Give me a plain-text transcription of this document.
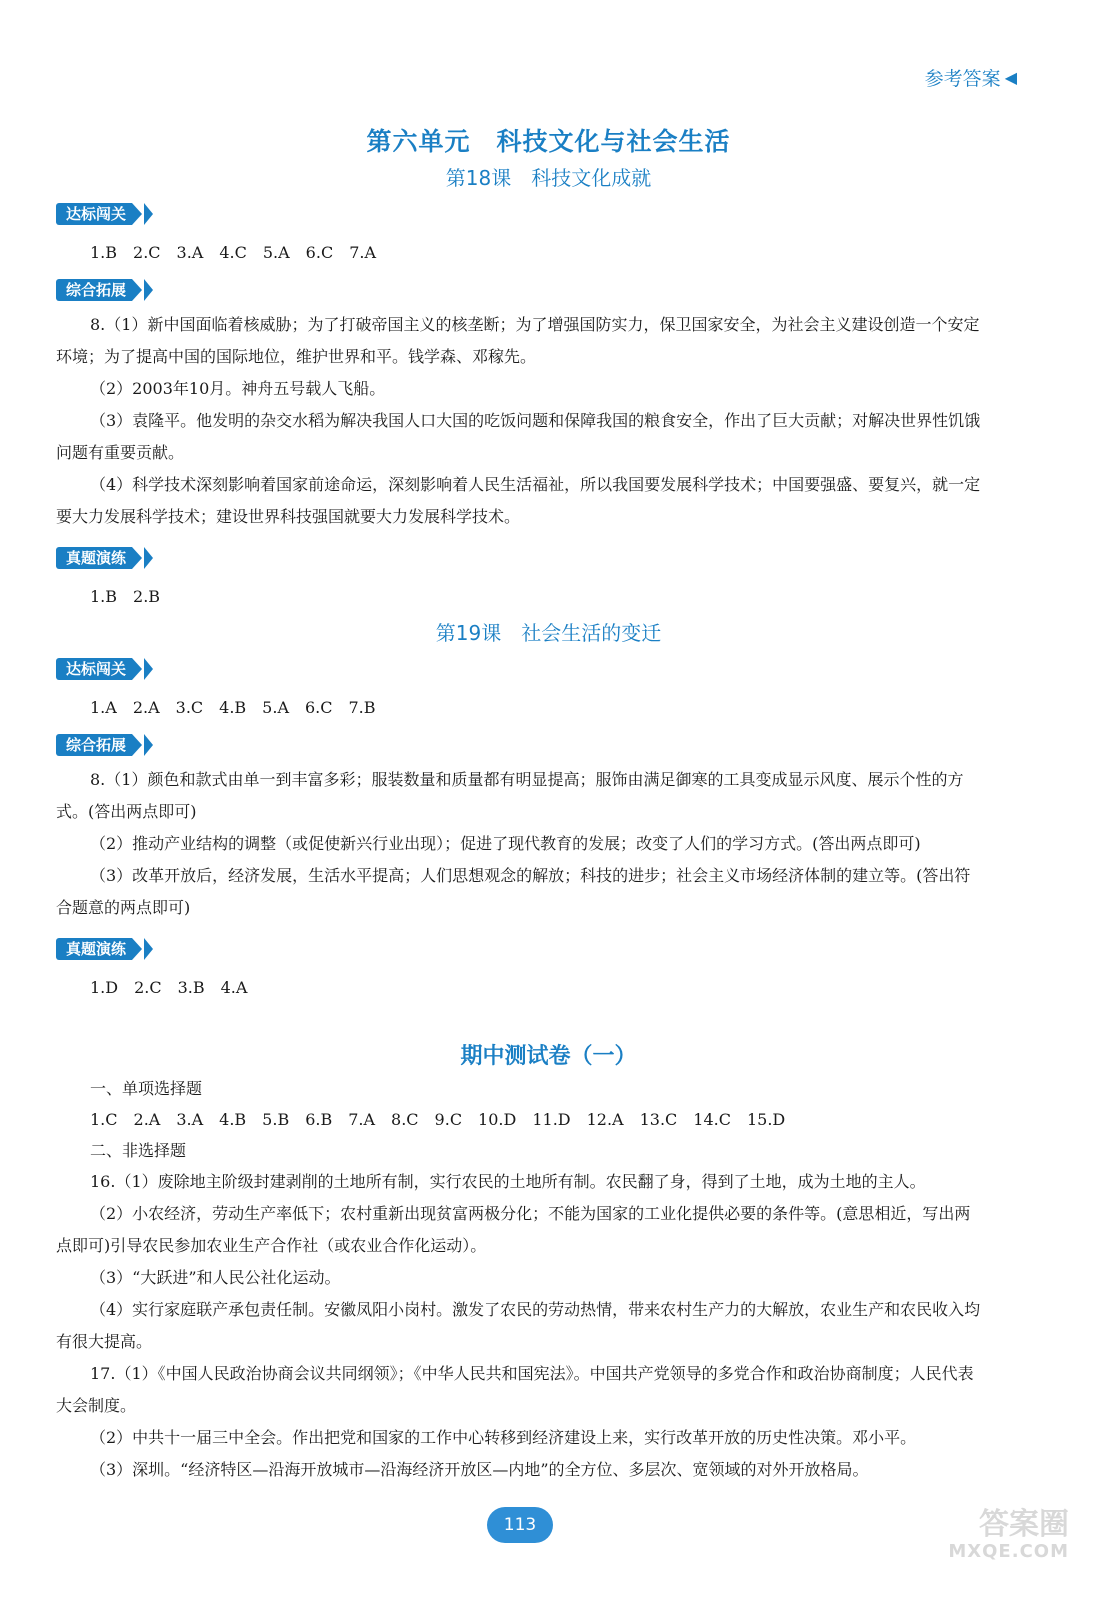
参考答案 ◀
第六单元　科技文化与社会生活
第18课　科技文化成就
达标闯关
1.B　2.C　3.A　4.C　5.A　6.C　7.A
综合拓展

8.（1）新中国面临着核威胁；为了打破帝国主义的核垄断；为了增强国防实力，保卫国家安全，为社会主义建设创造一个安定环境；为了提高中国的国际地位，维护世界和平。钱学森、邓稼先。

（2）2003年10月。神舟五号载人飞船。

（3）袁隆平。他发明的杂交水稻为解决我国人口大国的吃饭问题和保障我国的粮食安全，作出了巨大贡献；对解决世界性饥饿问题有重要贡献。

（4）科学技术深刻影响着国家前途命运，深刻影响着人民生活福祉，所以我国要发展科学技术；中国要强盛、要复兴，就一定要大力发展科学技术；建设世界科技强国就要大力发展科学技术。

真题演练
1.B　2.B
第19课　社会生活的变迁
达标闯关
1.A　2.A　3.C　4.B　5.A　6.C　7.B
综合拓展

8.（1）颜色和款式由单一到丰富多彩；服装数量和质量都有明显提高；服饰由满足御寒的工具变成显示风度、展示个性的方式。(答出两点即可)

（2）推动产业结构的调整（或促使新兴行业出现）；促进了现代教育的发展；改变了人们的学习方式。(答出两点即可)

（3）改革开放后，经济发展，生活水平提高；人们思想观念的解放；科技的进步；社会主义市场经济体制的建立等。(答出符合题意的两点即可)

真题演练
1.D　2.C　3.B　4.A
期中测试卷（一）
一、单项选择题
1.C　2.A　3.A　4.B　5.B　6.B　7.A　8.C　9.C　10.D　11.D　12.A　13.C　14.C　15.D
二、非选择题

16.（1）废除地主阶级封建剥削的土地所有制，实行农民的土地所有制。农民翻了身，得到了土地，成为土地的主人。

（2）小农经济，劳动生产率低下；农村重新出现贫富两极分化；不能为国家的工业化提供必要的条件等。(意思相近，写出两点即可)引导农民参加农业生产合作社（或农业合作化运动）。

（3）“大跃进”和人民公社化运动。

（4）实行家庭联产承包责任制。安徽凤阳小岗村。激发了农民的劳动热情，带来农村生产力的大解放，农业生产和农民收入均有很大提高。

17.（1）《中国人民政治协商会议共同纲领》；《中华人民共和国宪法》。中国共产党领导的多党合作和政治协商制度；人民代表大会制度。

（2）中共十一届三中全会。作出把党和国家的工作中心转移到经济建设上来，实行改革开放的历史性决策。邓小平。

（3）深圳。“经济特区—沿海开放城市—沿海经济开放区—内地”的全方位、多层次、宽领域的对外开放格局。

113	答案圈
MXQE.COM
